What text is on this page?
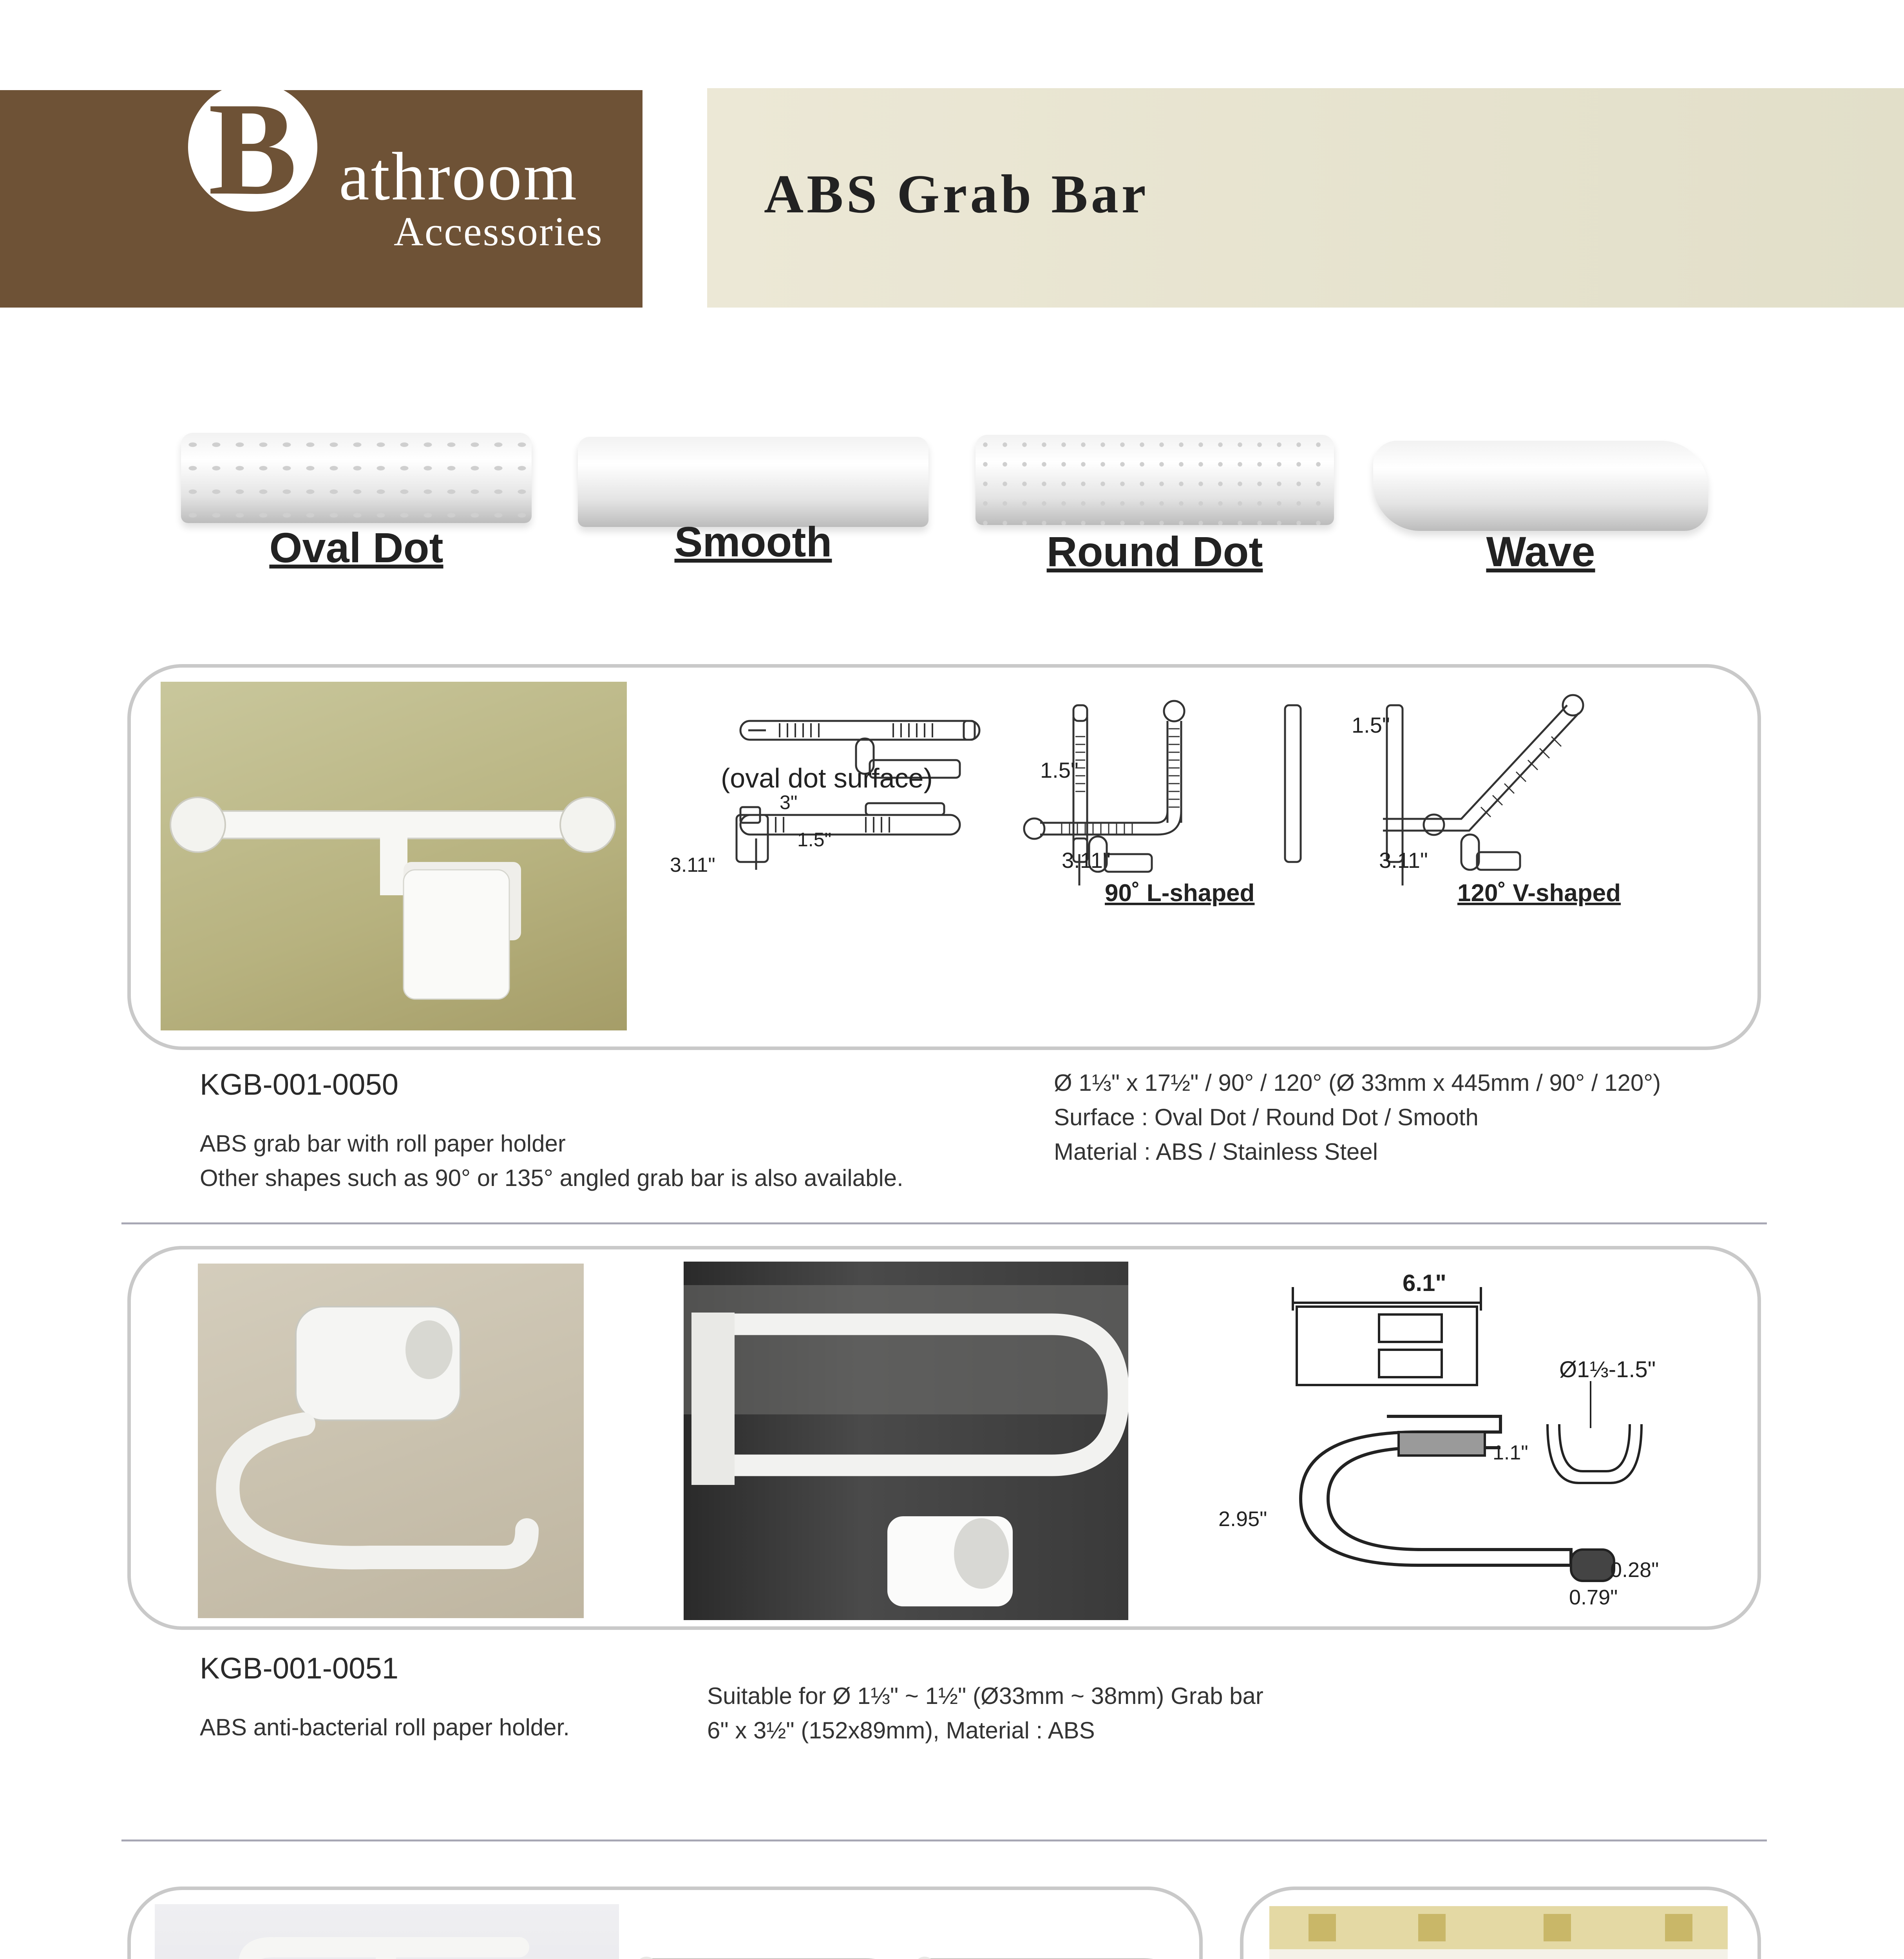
B athroom
Accessories
ABS Grab Bar
Oval Dot	Smooth	Round Dot	Wave
(oval dot surface)
3"
3.11"
1.5"
1.5"
3.11"
1.5"
3.11"
90˚ L-shaped	120˚ V-shaped
KGB-001-0050
ABS grab bar with roll paper holder
Other shapes such as 90° or 135° angled grab bar is also available.
Ø 1⅓" x 17½" / 90° / 120° (Ø 33mm x 445mm / 90° / 120°)
Surface : Oval Dot / Round Dot / Smooth
Material : ABS / Stainless Steel
6.1"
Ø1⅓-1.5"
1.1"
2.95"
0.28"
0.79"
KGB-001-0051
ABS anti-bacterial roll paper holder.
Suitable for Ø 1⅓" ~ 1½" (Ø33mm ~ 38mm) Grab bar
6" x 3½" (152x89mm), Material : ABS
